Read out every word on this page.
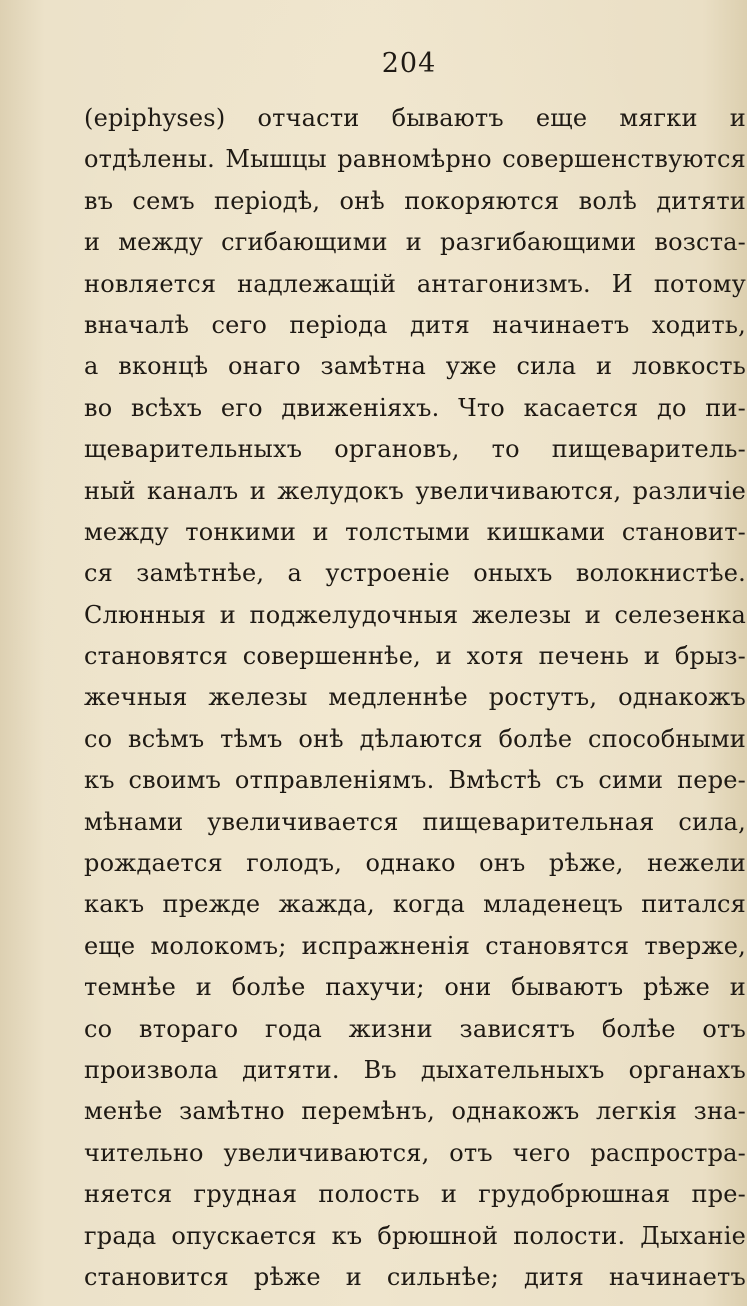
204
(epiphyses) отчасти бываютъ еще мягки и
отдѣлены. Мышцы равномѣрно совершенствуются
въ семъ періодѣ, онѣ покоряются волѣ дитяти
и между сгибающими и разгибающими возста-
новляется надлежащій антагонизмъ. И потому
вначалѣ сего періода дитя начинаетъ ходить,
а вконцѣ онаго замѣтна уже сила и ловкость
во всѣхъ его движеніяхъ. Что касается до пи-
щеварительныхъ органовъ, то пищеваритель-
ный каналъ и желудокъ увеличиваются, различіе
между тонкими и толстыми кишками становит-
ся замѣтнѣе, а устроеніе оныхъ волокнистѣе.
Слюнныя и поджелудочныя железы и селезенка
становятся совершеннѣе, и хотя печень и брыз-
жечныя железы медленнѣе ростутъ, однакожъ
со всѣмъ тѣмъ онѣ дѣлаются болѣе способными
къ своимъ отправленіямъ. Вмѣстѣ съ сими пере-
мѣнами увеличивается пищеварительная сила,
рождается голодъ, однако онъ рѣже, нежели
какъ прежде жажда, когда младенецъ питался
еще молокомъ; испражненія становятся тверже,
темнѣе и болѣе пахучи; они бываютъ рѣже и
со втораго года жизни зависятъ болѣе отъ
произвола дитяти. Въ дыхательныхъ органахъ
менѣе замѣтно перемѣнъ, однакожъ легкія зна-
чительно увеличиваются, отъ чего распростра-
няется грудная полость и грудобрюшная пре-
града опускается къ брюшной полости. Дыханіе
становится рѣже и сильнѣе; дитя начинаетъ
